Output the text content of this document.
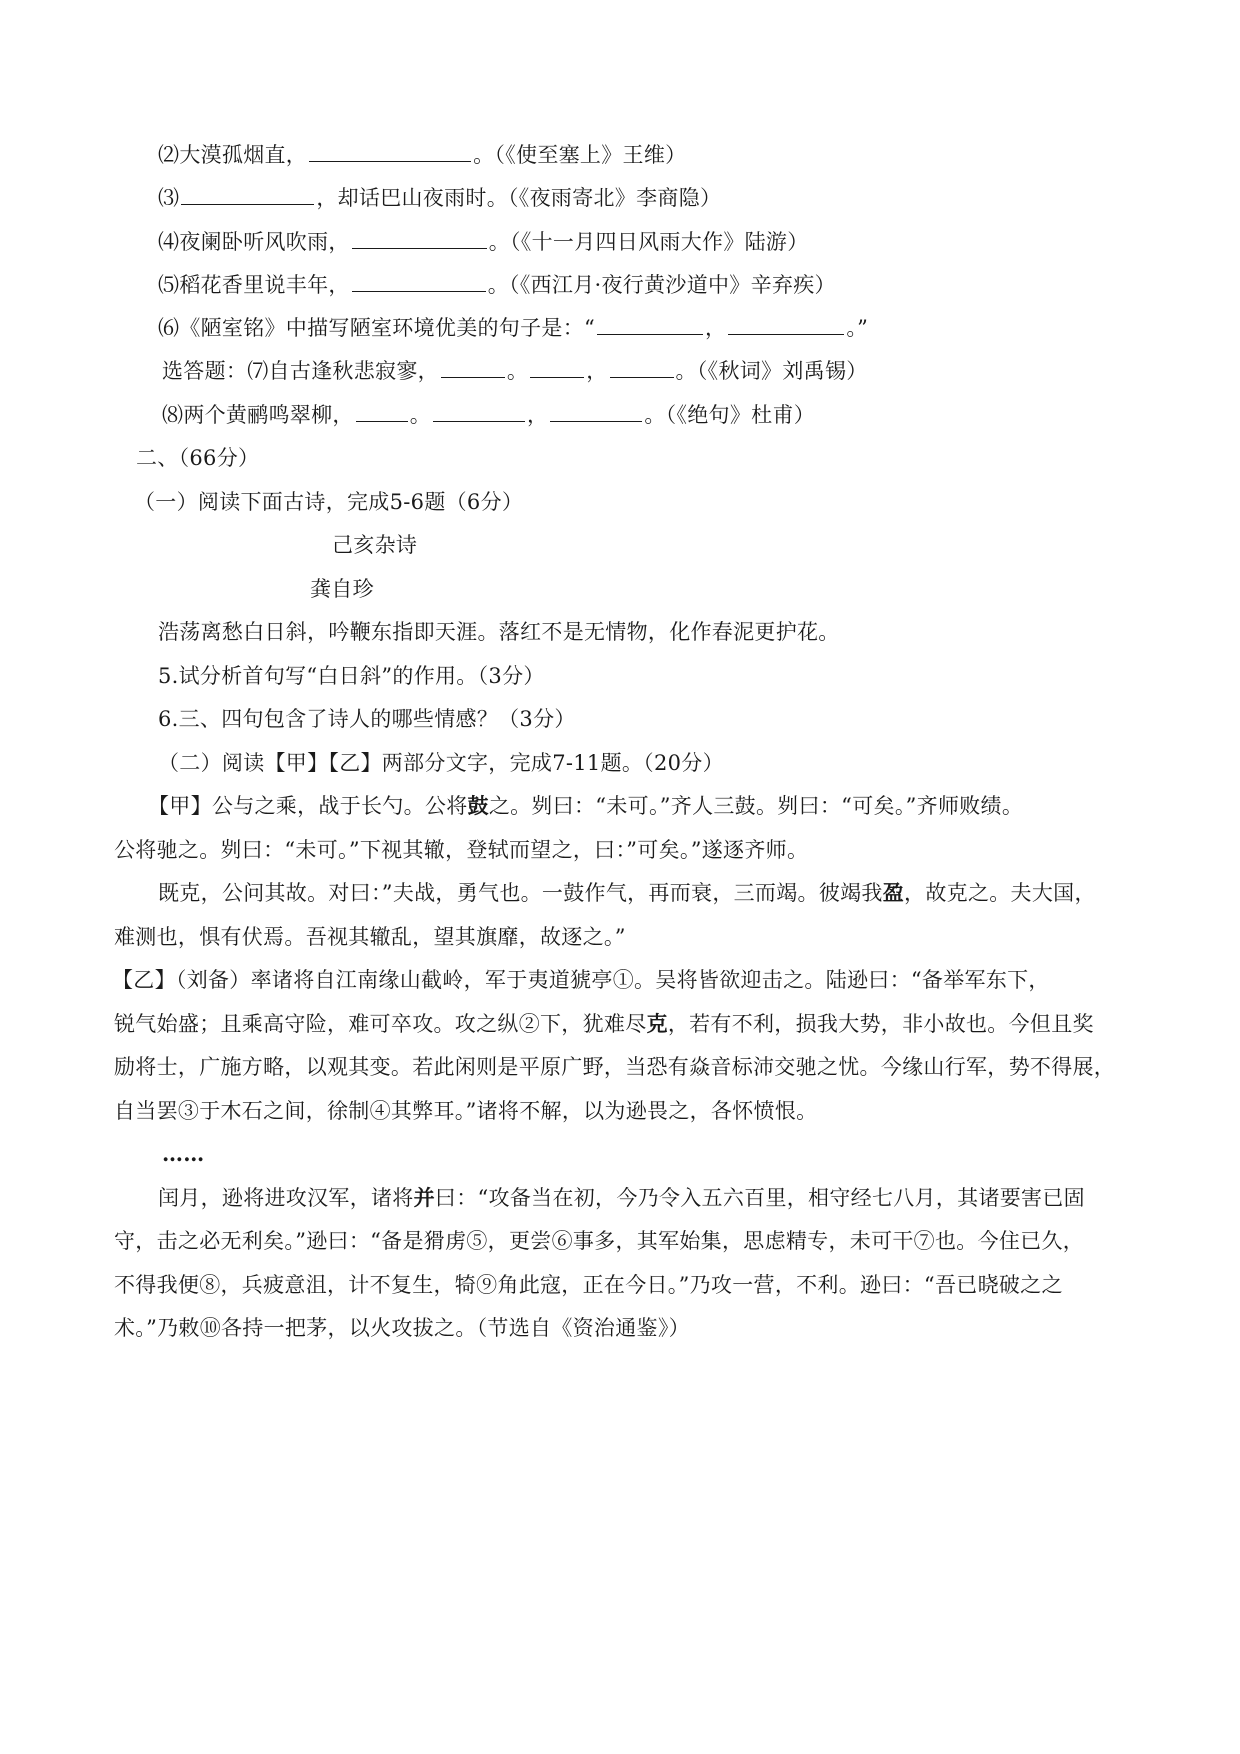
⑵大漠孤烟直，	。（《使至塞上》王维）
⑶	，却话巴山夜雨时。（《夜雨寄北》李商隐）
⑷夜阑卧听风吹雨，	。（《十一月四日风雨大作》陆游）
⑸稻花香里说丰年，	。（《西江月·夜行黄沙道中》辛弃疾）
⑹《陋室铭》中描写陋室环境优美的句子是：“	，	。”
选答题：⑺自古逢秋悲寂寥，	。	，	。（《秋词》刘禹锡）
⑻两个黄鹂鸣翠柳，	。	，	。（《绝句》杜甫）
二、（66分）
（一）阅读下面古诗，完成5-6题（6分）
己亥杂诗
龚自珍
浩荡离愁白日斜，吟鞭东指即天涯。落红不是无情物，化作春泥更护花。
5.试分析首句写“白日斜”的作用。（3分）
6.三、四句包含了诗人的哪些情感？（3分）
（二）阅读【甲】【乙】两部分文字，完成7-11题。（20分）
【甲】公与之乘，战于长勺。公将鼓之。刿曰：“未可。”齐人三鼓。刿曰：“可矣。”齐师败绩。
公将驰之。刿曰：“未可。”下视其辙，登轼而望之，曰：”可矣。”遂逐齐师。
既克，公问其故。对曰：”夫战，勇气也。一鼓作气，再而衰，三而竭。彼竭我盈，故克之。夫大国，
难测也，惧有伏焉。吾视其辙乱，望其旗靡，故逐之。”
【乙】（刘备）率诸将自江南缘山截岭，军于夷道猇亭①。吴将皆欲迎击之。陆逊曰：“备举军东下，
锐气始盛；且乘高守险，难可卒攻。攻之纵②下，犹难尽克，若有不利，损我大势，非小故也。今但且奖
励将士，广施方略，以观其变。若此闲则是平原广野，当恐有焱音标沛交驰之忧。今缘山行军，势不得展，
自当罢③于木石之间，徐制④其弊耳。”诸将不解，以为逊畏之，各怀愤恨。
……
闰月，逊将进攻汉军，诸将并曰：“攻备当在初，今乃令入五六百里，相守经七八月，其诸要害已固
守，击之必无利矣。”逊曰：“备是猾虏⑤，更尝⑥事多，其军始集，思虑精专，未可干⑦也。今住已久，
不得我便⑧，兵疲意沮，计不复生，犄⑨角此寇，正在今日。”乃攻一营，不利。逊曰：“吾已晓破之之
术。”乃敕⑩各持一把茅，以火攻拔之。（节选自《资治通鉴》）
